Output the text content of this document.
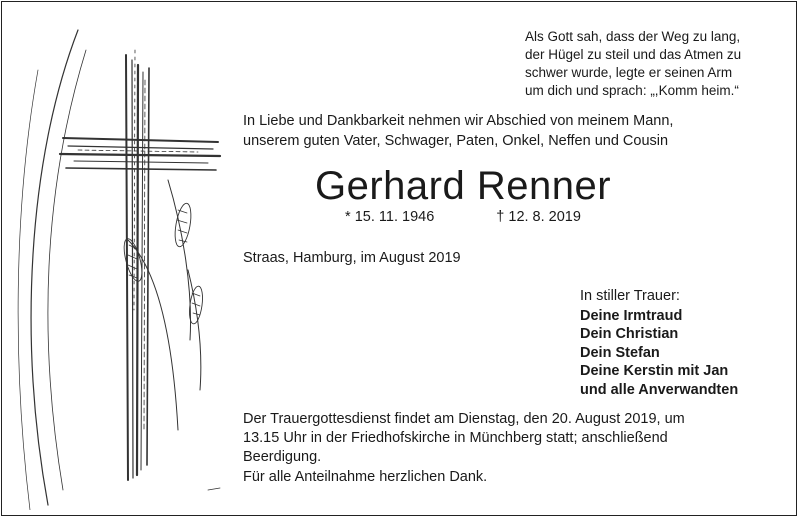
Als Gott sah, dass der Weg zu lang,
der Hügel zu steil und das Atmen zu
schwer wurde, legte er seinen Arm
um dich und sprach: „,Komm heim.“
In Liebe und Dankbarkeit nehmen wir Abschied von meinem Mann,
unserem guten Vater, Schwager, Paten, Onkel, Neffen und Cousin
Gerhard Renner
* 15. 11. 1946	† 12. 8. 2019
Straas, Hamburg, im August 2019
In stiller Trauer:
Deine Irmtraud
Dein Christian
Dein Stefan
Deine Kerstin mit Jan
und alle Anverwandten
Der Trauergottesdienst findet am Dienstag, den 20. August 2019, um
13.15 Uhr in der Friedhofskirche in Münchberg statt; anschließend
Beerdigung.
Für alle Anteilnahme herzlichen Dank.
